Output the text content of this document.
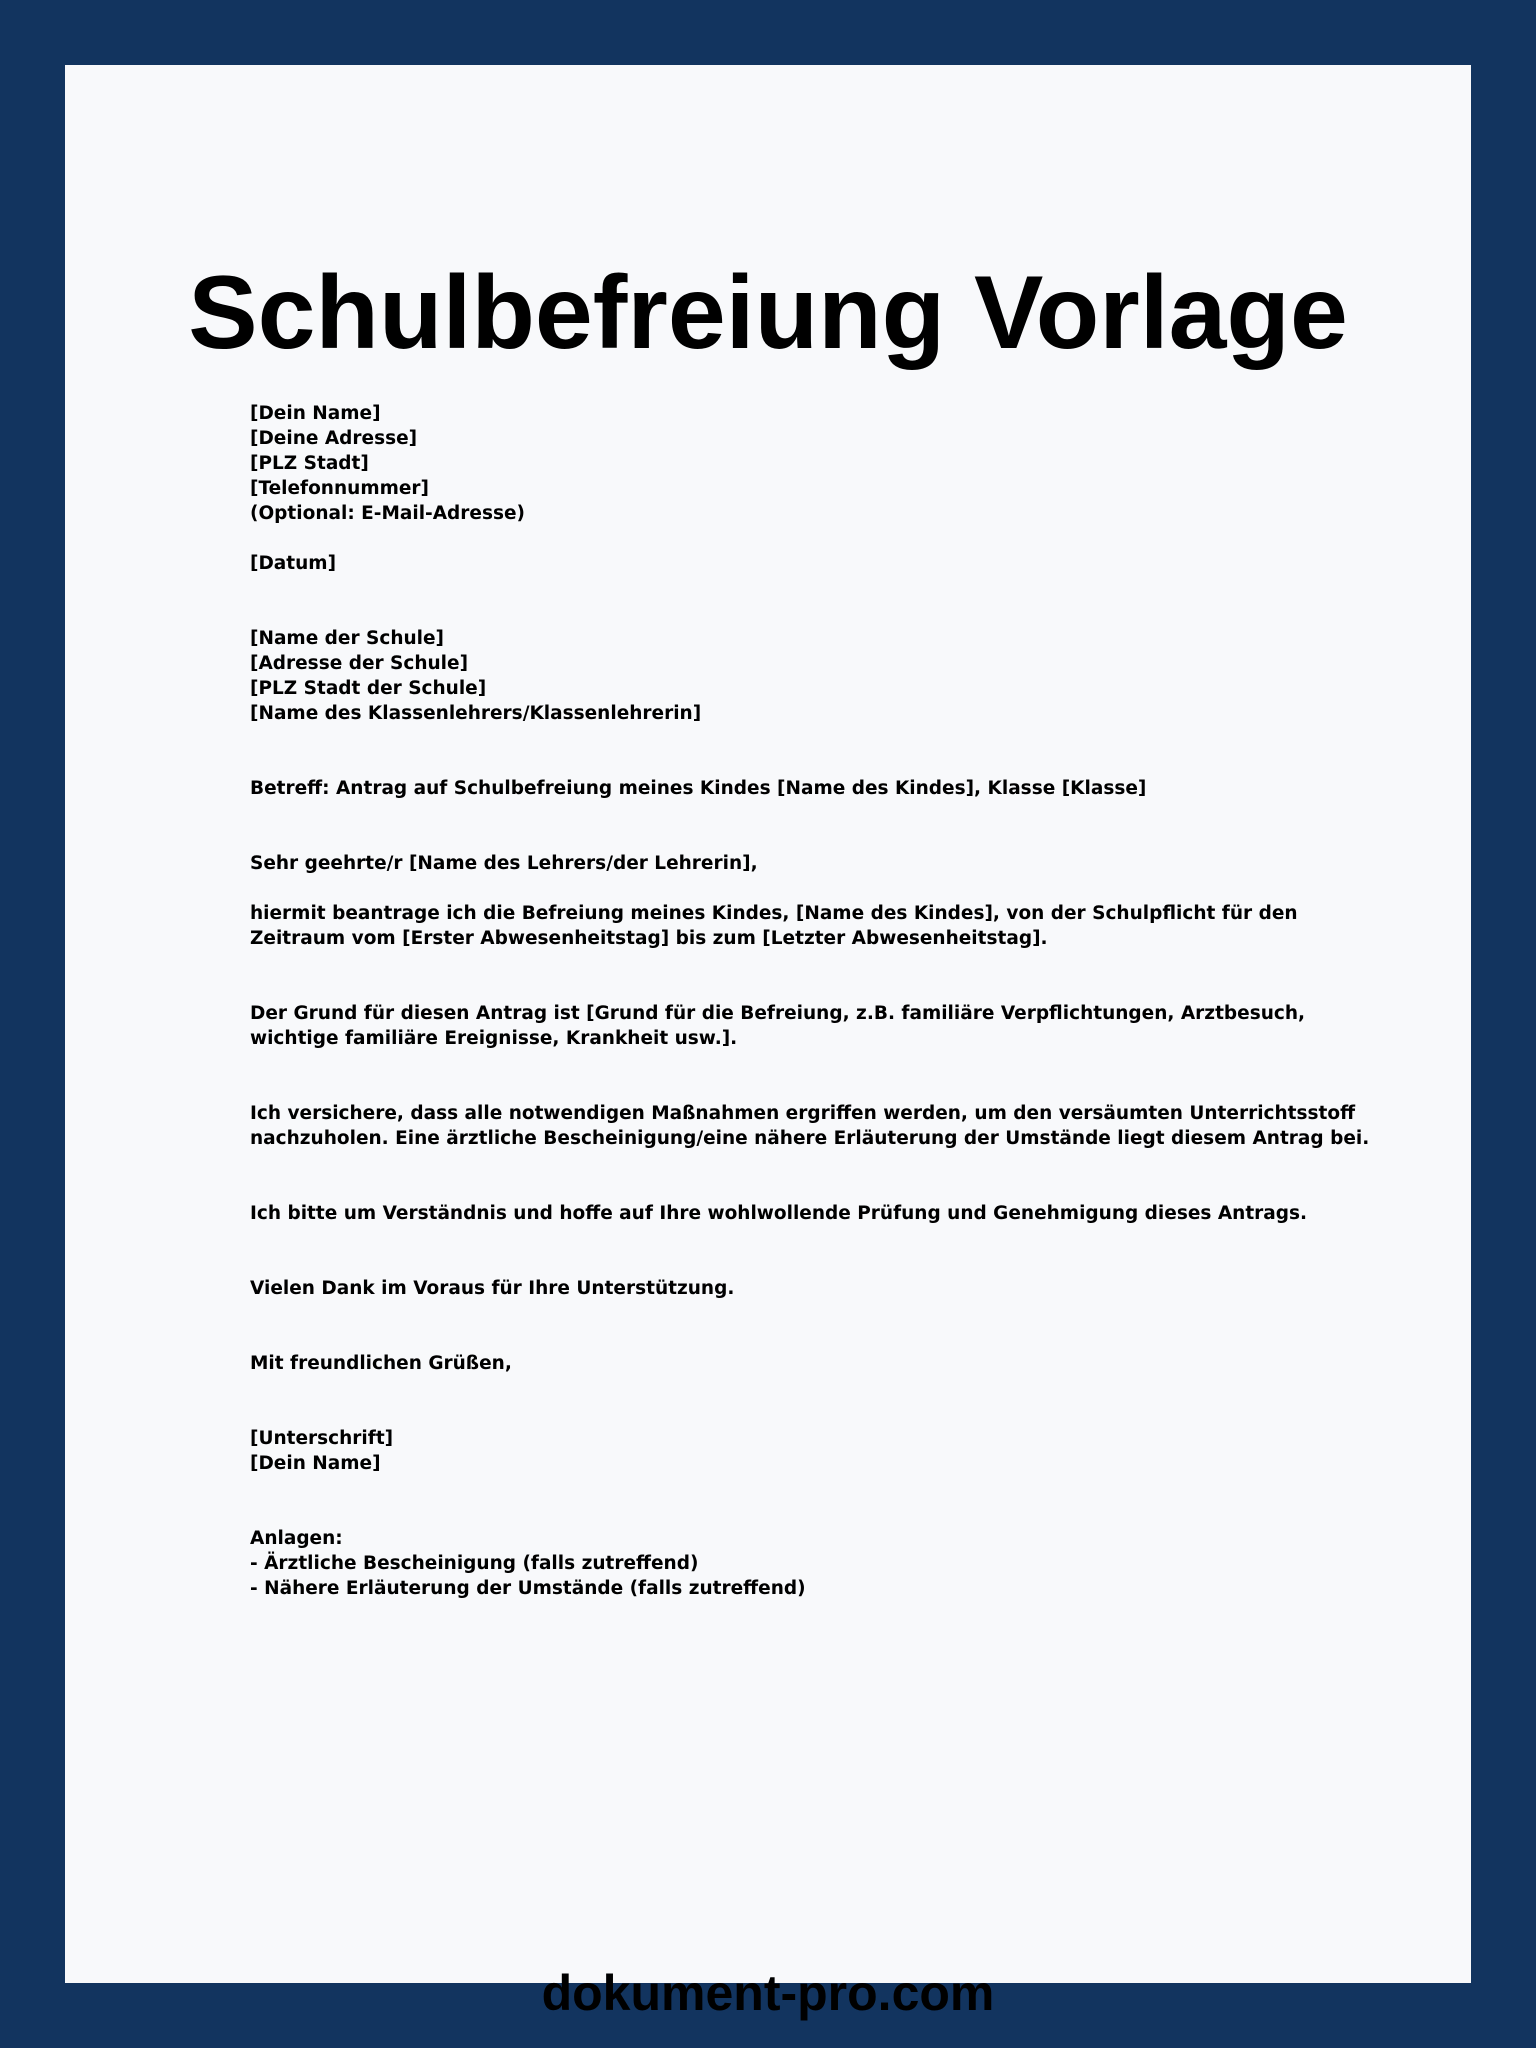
Schulbefreiung Vorlage
[Dein Name]
[Deine Adresse]
[PLZ Stadt]
[Telefonnummer]
(Optional: E-Mail-Adresse)
[Datum]
[Name der Schule]
[Adresse der Schule]
[PLZ Stadt der Schule]
[Name des Klassenlehrers/Klassenlehrerin]
Betreff: Antrag auf Schulbefreiung meines Kindes [Name des Kindes], Klasse [Klasse]
Sehr geehrte/r [Name des Lehrers/der Lehrerin],
hiermit beantrage ich die Befreiung meines Kindes, [Name des Kindes], von der Schulpflicht für den
Zeitraum vom [Erster Abwesenheitstag] bis zum [Letzter Abwesenheitstag].
Der Grund für diesen Antrag ist [Grund für die Befreiung, z.B. familiäre Verpflichtungen, Arztbesuch,
wichtige familiäre Ereignisse, Krankheit usw.].
Ich versichere, dass alle notwendigen Maßnahmen ergriffen werden, um den versäumten Unterrichtsstoff
nachzuholen. Eine ärztliche Bescheinigung/eine nähere Erläuterung der Umstände liegt diesem Antrag bei.
Ich bitte um Verständnis und hoffe auf Ihre wohlwollende Prüfung und Genehmigung dieses Antrags.
Vielen Dank im Voraus für Ihre Unterstützung.
Mit freundlichen Grüßen,
[Unterschrift]
[Dein Name]
Anlagen:
- Ärztliche Bescheinigung (falls zutreffend)
- Nähere Erläuterung der Umstände (falls zutreffend)
dokument-pro.com
